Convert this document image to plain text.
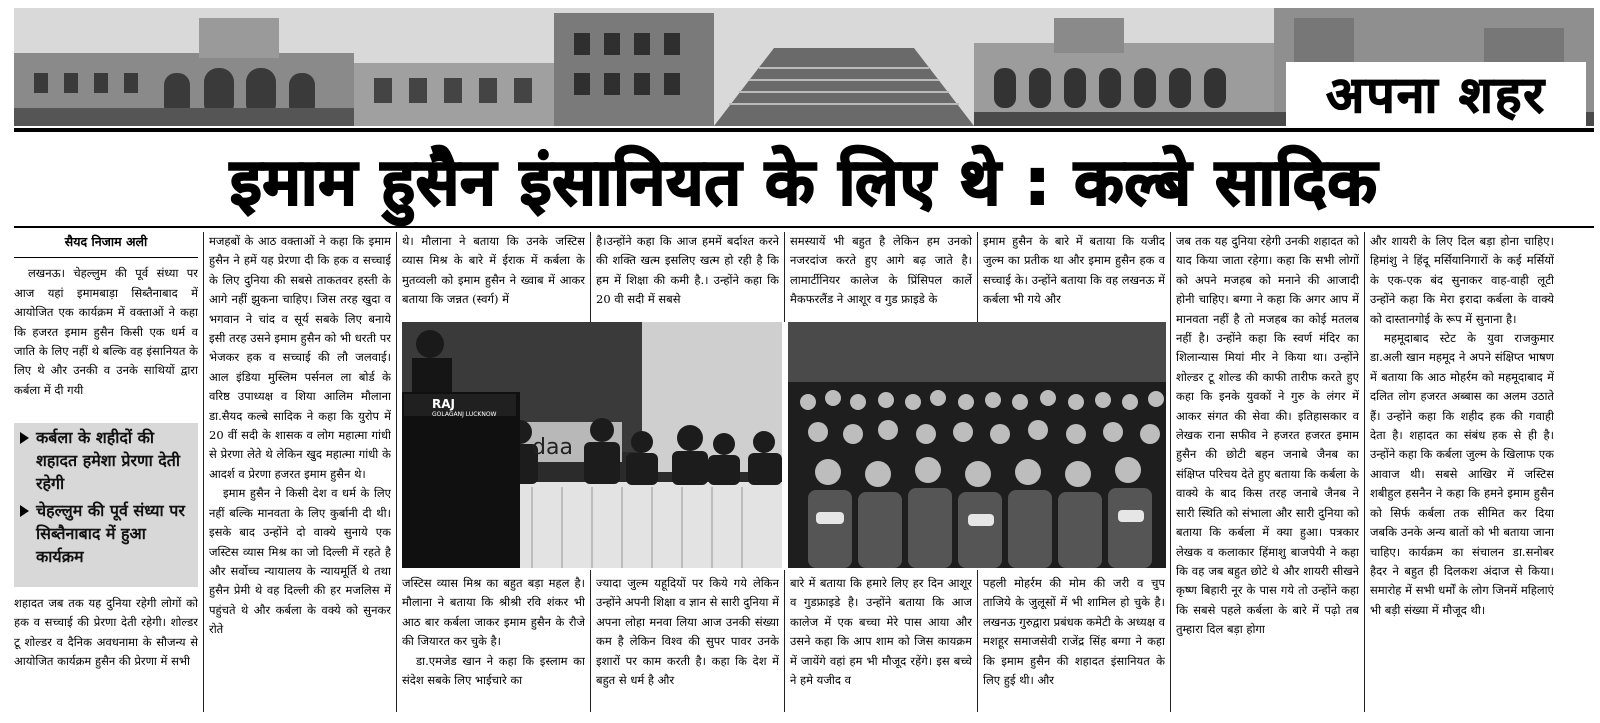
अपना शहर
इमाम हुसैन इंसानियत के लिए थे : कल्बे सादिक
सैयद निजाम अली
लखनऊ। चेहल्लुम की पूर्व संध्या पर आज यहां इमामबाड़ा सिब्तैनाबाद में आयोजित एक कार्यक्रम में वक्ताओं ने कहा कि हजरत इमाम हुसैन किसी एक धर्म व जाति के लिए नहीं थे बल्कि वह इंसानियत के लिए थे और उनकी व उनके साथियों द्वारा कर्बला में दी गयी
कर्बला के शहीदों की शहादत हमेशा प्रेरणा देती रहेगी
चेहल्लुम की पूर्व संध्या पर सिब्तैनाबाद में हुआ कार्यक्रम
शहादत जब तक यह दुनिया रहेगी लोगों को हक व सच्चाई की प्रेरणा देती रहेगी। शोल्डर टू शोल्डर व दैनिक अवधनामा के सौजन्य से आयोजित कार्यक्रम हुसैन की प्रेरणा में सभी
मजहबों के आठ वक्ताओं ने कहा कि इमाम हुसैन ने हमें यह प्रेरणा दी कि हक व सच्चाई के लिए दुनिया की सबसे ताकतवर हस्ती के आगे नहीं झुकना चाहिए। जिस तरह खुदा व भगवान ने चांद व सूर्य सबके लिए बनाये इसी तरह उसने इमाम हुसैन को भी धरती पर भेजकर हक व सच्चाई की लौ जलवाई। आल इंडिया मुस्लिम पर्सनल ला बोर्ड के वरिष्ठ उपाध्यक्ष व शिया आलिम मौलाना डा.सैयद कल्बे सादिक ने कहा कि युरोप में 20 वीं सदी के शासक व लोग महात्मा गांधी से प्रेरणा लेते थे लेकिन खुद महात्मा गांधी के आदर्श व प्रेरणा हजरत इमाम हुसैन थे।
इमाम हुसैन ने किसी देश व धर्म के लिए नहीं बल्कि मानवता के लिए कुर्बानी दी थी। इसके बाद उन्होंने दो वाक्ये सुनाये एक जस्टिस व्यास मिश्र का जो दिल्ली में रहते है और सर्वोच्च न्यायालय के न्यायमूर्ति थे तथा हुसैन प्रेमी थे वह दिल्ली की हर मजलिस में पहुंचते थे और कर्बला के वक्ये को सुनकर रोते
थे। मौलाना ने बताया कि उनके जस्टिस व्यास मिश्र के बारे में ईराक में कर्बला के मुतव्वली को इमाम हुसैन ने ख्वाब में आकर बताया कि जन्नत (स्वर्ग) में
जस्टिस व्यास मिश्र का बहुत बड़ा महल है। मौलाना ने बताया कि श्रीश्री रवि शंकर भी आठ बार कर्बला जाकर इमाम हुसैन के रौजे की जियारत कर चुके है।
डा.एमजेड खान ने कहा कि इस्लाम का संदेश सबके लिए भाईचारे का
है।उन्होंने कहा कि आज हममें बर्दाश्त करने की शक्ति खत्म इसलिए खत्म हो रही है कि हम में शिक्षा की कमी है.। उन्होंने कहा कि 20 वी सदी में सबसे
ज्यादा जुल्म यहूदियों पर किये गये लेकिन उन्होंने अपनी शिक्षा व ज्ञान से सारी दुनिया में अपना लोहा मनवा लिया आज उनकी संख्या कम है लेकिन विश्व की सुपर पावर उनके इशारों पर काम करती है। कहा कि देश में बहुत से धर्म है और
समस्यायें भी बहुत है लेकिन हम उनको नजरदांज करते हुए आगे बढ़ जाते है। लामार्टीनियर कालेज के प्रिंसिपल कार्ले मैकफरलैंड ने आशूर व गुड फ्राइडे के
बारे में बताया कि हमारे लिए हर दिन आशूर व गुडफ्राइडे है। उन्होंने बताया कि आज कालेज में एक बच्चा मेरे पास आया और उसने कहा कि आप शाम को जिस कायक्रम में जायेंगे वहां हम भी मौजूद रहेंगे। इस बच्चे ने हमे यजीद व
इमाम हुसैन के बारे में बताया कि यजीद जुल्म का प्रतीक था और इमाम हुसैन हक व सच्चाई के। उन्होंने बताया कि वह लखनऊ में कर्बला भी गये और
पहली मोहर्रम की मोम की जरी व चुप ताजिये के जुलूसों में भी शामिल हो चुके है। लखनऊ गुरुद्वारा प्रबंधक कमेटी के अध्यक्ष व मशहूर समाजसेवी राजेंद्र सिंह बग्गा ने कहा कि इमाम हुसैन की शहादत इंसानियत के लिए हुई थी। और
जब तक यह दुनिया रहेगी उनकी शहादत को याद किया जाता रहेगा। कहा कि सभी लोगों को अपने मजहब को मनाने की आजादी होनी चाहिए। बग्गा ने कहा कि अगर आप में मानवता नहीं है तो मजहब का कोई मतलब नहीं है। उन्होंने कहा कि स्वर्ण मंदिर का शिलान्यास मियां मीर ने किया था। उन्होंने शोल्डर टू शोल्ड की काफी तारीफ करते हुए कहा कि इनके युवकों ने गुरु के लंगर में आकर संगत की सेवा की। इतिहासकार व लेखक राना सफीव ने हजरत हजरत इमाम हुसैन की छोटी बहन जनाबे जैनब का संक्षिप्त परिचय देते हुए बताया कि कर्बला के वाक्ये के बाद किस तरह जनाबे जैनब ने सारी स्थिति को संभाला और सारी दुनिया को बताया कि कर्बला में क्या हुआ। पत्रकार लेखक व कलाकार हिंमाशु बाजपेयी ने कहा कि वह जब बहुत छोटे थे और शायरी सीखने कृष्ण बिहारी नूर के पास गये तो उन्होंने कहा कि सबसे पहले कर्बला के बारे में पढ़ो तब तुम्हारा दिल बड़ा होगा
और शायरी के लिए दिल बड़ा होना चाहिए। हिमांशु ने हिंदू मर्सियानिगारों के कई मर्सियों के एक-एक बंद सुनाकर वाह-वाही लूटी उन्होंने कहा कि मेरा इरादा कर्बला के वाक्ये को दास्तानगोई के रूप में सुनाना है।
महमूदाबाद स्टेट के युवा राजकुमार डा.अली खान महमूद ने अपने संक्षिप्त भाषण में बताया कि आठ मोहर्रम को महमूदाबाद में दलित लोग हजरत अब्बास का अलम उठाते हैं। उन्होंने कहा कि शहीद हक की गवाही देता है। शहादत का संबंध हक से ही है। उन्होंने कहा कि कर्बला जुल्म के खिलाफ एक आवाज थी। सबसे आखिर में जस्टिस शबीहुल हसनैन ने कहा कि हमने इमाम हुसैन को सिर्फ कर्बला तक सीमित कर दिया जबकि उनके अन्य बातों को भी बताया जाना चाहिए। कार्यक्रम का संचालन डा.सनोबर हैदर ने बहुत ही दिलकश अंदाज से किया। समारोह में सभी धर्मों के लोग जिनमें महिलाएं भी बड़ी संख्या में मौजूद थी।
RAJ
GOLAGANJ LUCKNOW
daa
